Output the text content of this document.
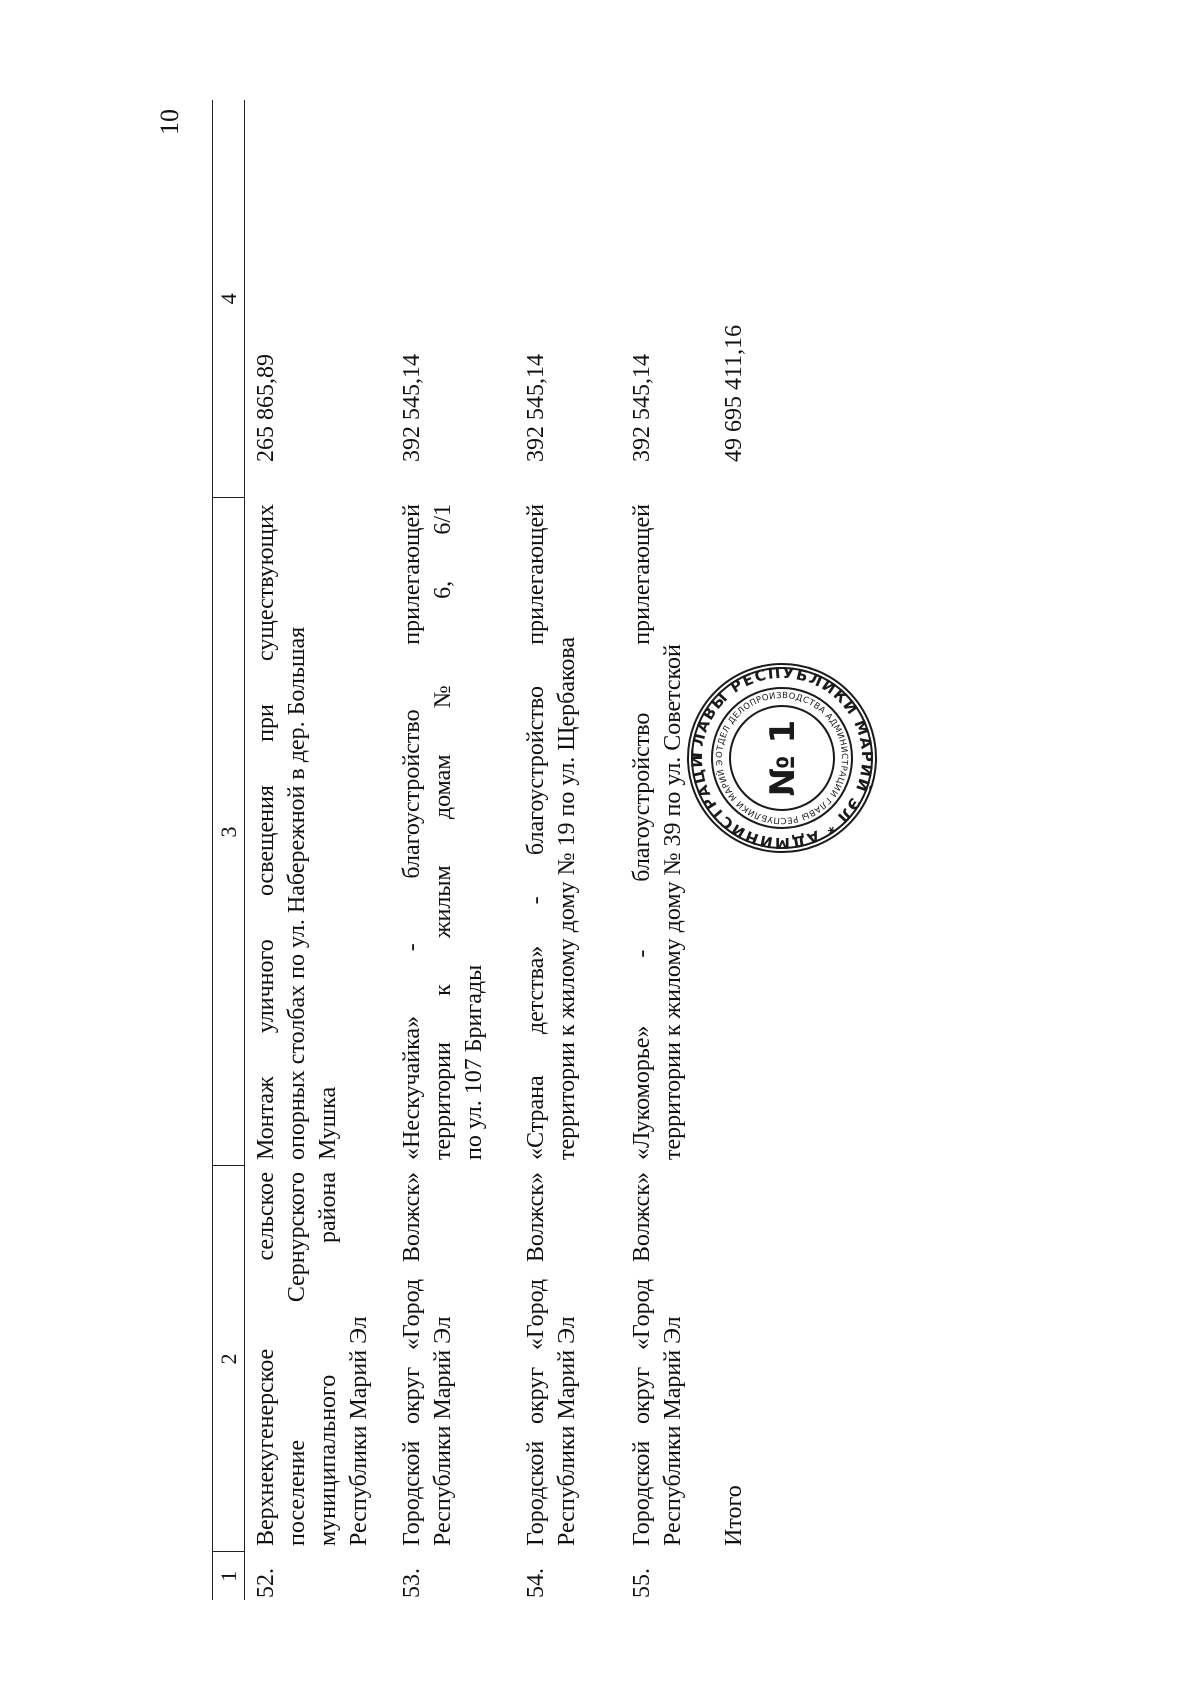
10
1	2	3	4
52.	Верхнекугенерское сельское поселение Сернурского муниципального района Республики Марий Эл	Монтаж уличного освещения при существующих опорных столбах по ул. Набережной в дер. Большая Мушка	265 865,89
53.	Городской округ «Город Волжск» Республики Марий Эл	«Нескучайка» - благоустройство прилегающей территории к жилым домам № 6, 6/1 по ул. 107 Бригады	392 545,14
54.	Городской округ «Город Волжск» Республики Марий Эл	«Страна детства» - благоустройство прилегающей территории к жилому дому № 19 по ул. Щербакова	392 545,14
55.	Городской округ «Город Волжск» Республики Марий Эл	«Лукоморье» - благоустройство прилегающей территории к жилому дому № 39 по ул. Советской	392 545,14
	Итого		49 695 411,16
ГЛАВЫ РЕСПУБЛИКИ МАРИЙ ЭЛ * АДМИНИСТРАЦИ	ОТДЕЛ ДЕЛОПРОИЗВОДСТВА АДМИНИСТРАЦИИ ГЛАВЫ РЕСПУБЛИКИ МАРИЙ Э	№ 1
